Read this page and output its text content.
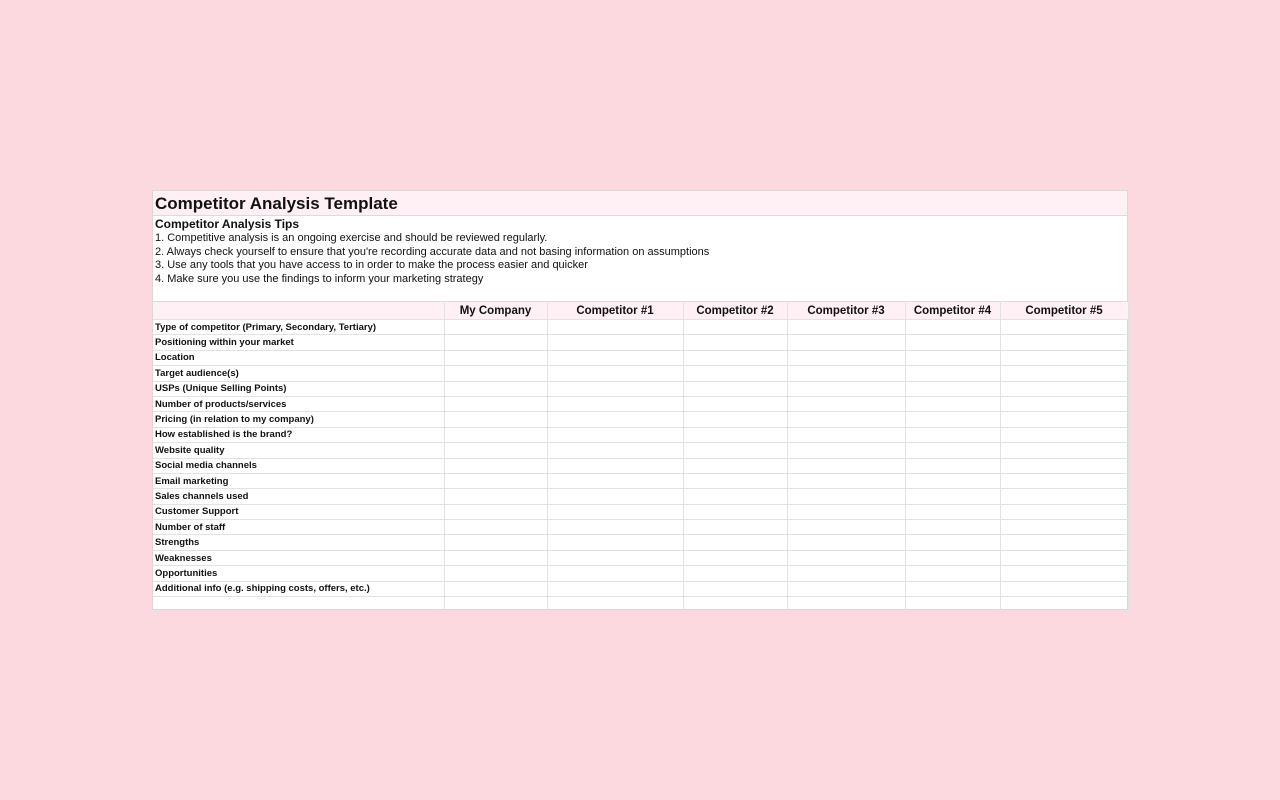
Competitor Analysis Template
Competitor Analysis Tips
1. Competitive analysis is an ongoing exercise and should be reviewed regularly.
2. Always check yourself to ensure that you're recording accurate data and not basing information on assumptions
3. Use any tools that you have access to in order to make the process easier and quicker
4. Make sure you use the findings to inform your marketing strategy
	My Company	Competitor #1	Competitor #2	Competitor #3	Competitor #4	Competitor #5
Type of competitor (Primary, Secondary, Tertiary)						
Positioning within your market						
Location						
Target audience(s)						
USPs (Unique Selling Points)						
Number of products/services						
Pricing (in relation to my company)						
How established is the brand?						
Website quality						
Social media channels						
Email marketing						
Sales channels used						
Customer Support						
Number of staff						
Strengths						
Weaknesses						
Opportunities						
Additional info (e.g. shipping costs, offers, etc.)						
